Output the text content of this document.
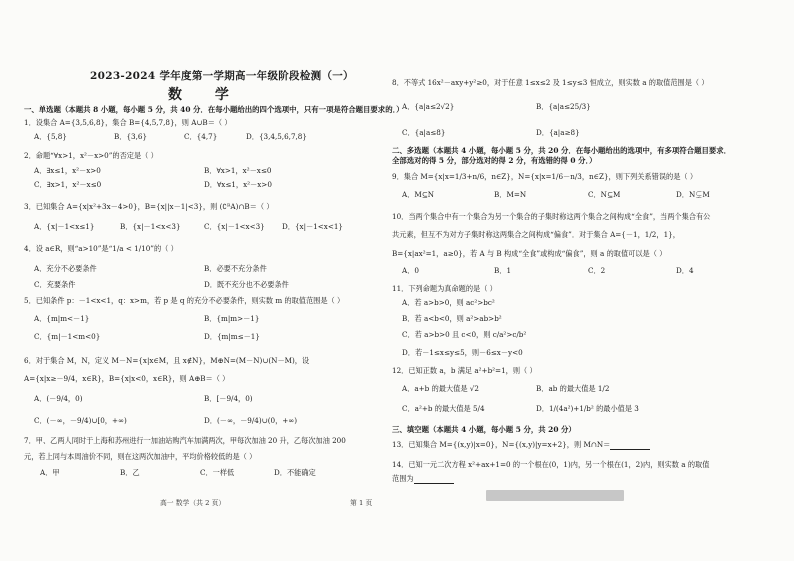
2023-2024 学年度第一学期高一年级阶段检测（一）
数 学
一、单选题（本题共 8 小题，每小题 5 分，共 40 分．在每小题给出的四个选项中，只有一项是符合题目要求的．）
1．设集合 A={3,5,6,8}，集合 B={4,5,7,8}，则 A∪B＝（ ）
A．{5,8}	B．{3,6}	C．{4,7}	D．{3,4,5,6,7,8}
2．命题“∀x>1，x²－x>0”的否定是（ ）
A．∃x≤1，x²－x>0	B．∀x>1，x²－x≤0
C．∃x>1，x²－x≤0	D．∀x≤1，x²－x>0
3．已知集合 A={x|x²+3x－4>0}，B={x||x－1|<3}，则 (∁ᴿA)∩B＝（ ）
A．{x|－1<x≤1}	B．{x|－1<x<3}	C．{x|－1<x<3} D．{x|－1<x<1}
4．设 a∈R，则“a>10”是“1/a < 1/10”的（ ）
A．充分不必要条件	B．必要不充分条件
C．充要条件	D．既不充分也不必要条件
5．已知条件 p：－1<x<1，q：x>m，若 p 是 q 的充分不必要条件，则实数 m 的取值范围是（ ）
A．{m|m<－1}	B．{m|m>－1}
C．{m|－1<m<0}	D．{m|m≤－1}
6．对于集合 M，N，定义 M－N={x|x∈M，且 x∉N}，M⊕N=(M－N)∪(N－M)，设
A={x|x≥－9/4，x∈R}，B={x|x<0，x∈R}，则 A⊕B＝（ ）
A．(－9/4，0)	B．[－9/4，0)
C．(－∞，－9/4)∪[0，+∞)	D．(－∞，－9/4)∪(0，+∞)
7．甲、乙两人同时于上海和苏州进行一加油站购汽车加满两次，甲每次加油 20 升，乙每次加油 200
元，若上同与本周油价不同，则在这两次加油中，平均价格较低的是（ ）
A．甲	B．乙	C．一样低	D．不能确定
高一 数学（共 2 页）
8．不等式 16x²－axy+y²≥0，对于任意 1≤x≤2 及 1≤y≤3 恒成立，则实数 a 的取值范围是（ ）
A．{a|a≤2√2}	B．{a|a≤25/3}
C．{a|a≤8}	D．{a|a≥8}
二、多选题（本题共 4 小题，每小题 5 分，共 20 分．在每小题给出的选项中，有多项符合题目要求．
全部选对的得 5 分，部分选对的得 2 分，有选错的得 0 分．）
9．集合 M={x|x=1/3+n/6，n∈Z}，N={x|x=1/6－n/3，n∈Z}，则下列关系错误的是（ ）
A．M⊆N	B．M=N	C．N⊆M	D．N⊊M
10．当两个集合中有一个集合为另一个集合的子集时称这两个集合之间构成“全食”，当两个集合有公
共元素，但互不为对方子集时称这两集合之间构成“偏食”．对于集合 A={－1，1/2，1}，
B={x|ax²=1，a≥0}，若 A 与 B 构成“全食”或构成“偏食”，则 a 的取值可以是（ ）
A．0	B．1	C．2	D．4
11．下列命题为真命题的是（ ）
A．若 a>b>0，则 ac²>bc²
B．若 a<b<0，则 a²>ab>b²
C．若 a>b>0 且 c<0，则 c/a²>c/b²
D．若－1≤x≤y≤5，则－6≤x－y<0
12．已知正数 a，b 满足 a²+b²=1，则（ ）
A．a+b 的最大值是 √2	B．ab 的最大值是 1/2
C．a²+b 的最大值是 5/4	D．1/(4a²)+1/b² 的最小值是 3
三、填空题（本题共 4 小题，每小题 5 分，共 20 分）
13．已知集合 M={(x,y)|x=0}，N={(x,y)|y=x+2}，则 M∩N＝
14．已知一元二次方程 x²+ax+1=0 的一个根在(0，1)内，另一个根在(1，2)内，则实数 a 的取值
范围为
第 1 页
